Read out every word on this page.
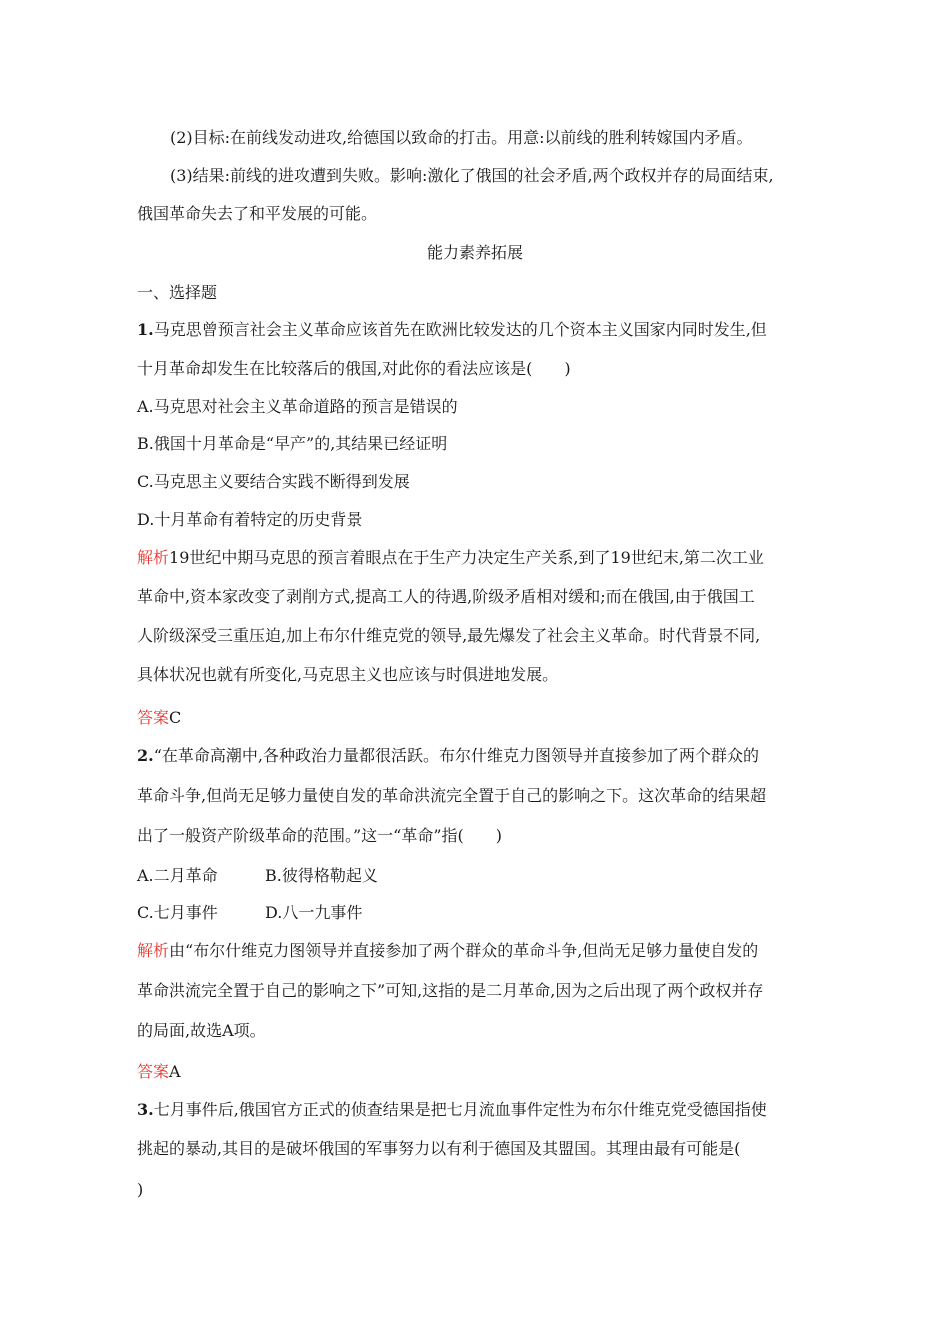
(2)目标:在前线发动进攻,给德国以致命的打击。用意:以前线的胜利转嫁国内矛盾。
(3)结果:前线的进攻遭到失败。影响:激化了俄国的社会矛盾,两个政权并存的局面结束,
俄国革命失去了和平发展的可能。
能力素养拓展
一、选择题
1.马克思曾预言社会主义革命应该首先在欧洲比较发达的几个资本主义国家内同时发生,但
十月革命却发生在比较落后的俄国,对此你的看法应该是(　　)
A.马克思对社会主义革命道路的预言是错误的
B.俄国十月革命是“早产”的,其结果已经证明
C.马克思主义要结合实践不断得到发展
D.十月革命有着特定的历史背景
解析19世纪中期马克思的预言着眼点在于生产力决定生产关系,到了19世纪末,第二次工业
革命中,资本家改变了剥削方式,提高工人的待遇,阶级矛盾相对缓和;而在俄国,由于俄国工
人阶级深受三重压迫,加上布尔什维克党的领导,最先爆发了社会主义革命。时代背景不同,
具体状况也就有所变化,马克思主义也应该与时俱进地发展。
答案C
2.“在革命高潮中,各种政治力量都很活跃。布尔什维克力图领导并直接参加了两个群众的
革命斗争,但尚无足够力量使自发的革命洪流完全置于自己的影响之下。这次革命的结果超
出了一般资产阶级革命的范围。”这一“革命”指(　　)
A.二月革命	B.彼得格勒起义
C.七月事件	D.八一九事件
解析由“布尔什维克力图领导并直接参加了两个群众的革命斗争,但尚无足够力量使自发的
革命洪流完全置于自己的影响之下”可知,这指的是二月革命,因为之后出现了两个政权并存
的局面,故选A项。
答案A
3.七月事件后,俄国官方正式的侦查结果是把七月流血事件定性为布尔什维克党受德国指使
挑起的暴动,其目的是破坏俄国的军事努力以有利于德国及其盟国。其理由最有可能是(
)
